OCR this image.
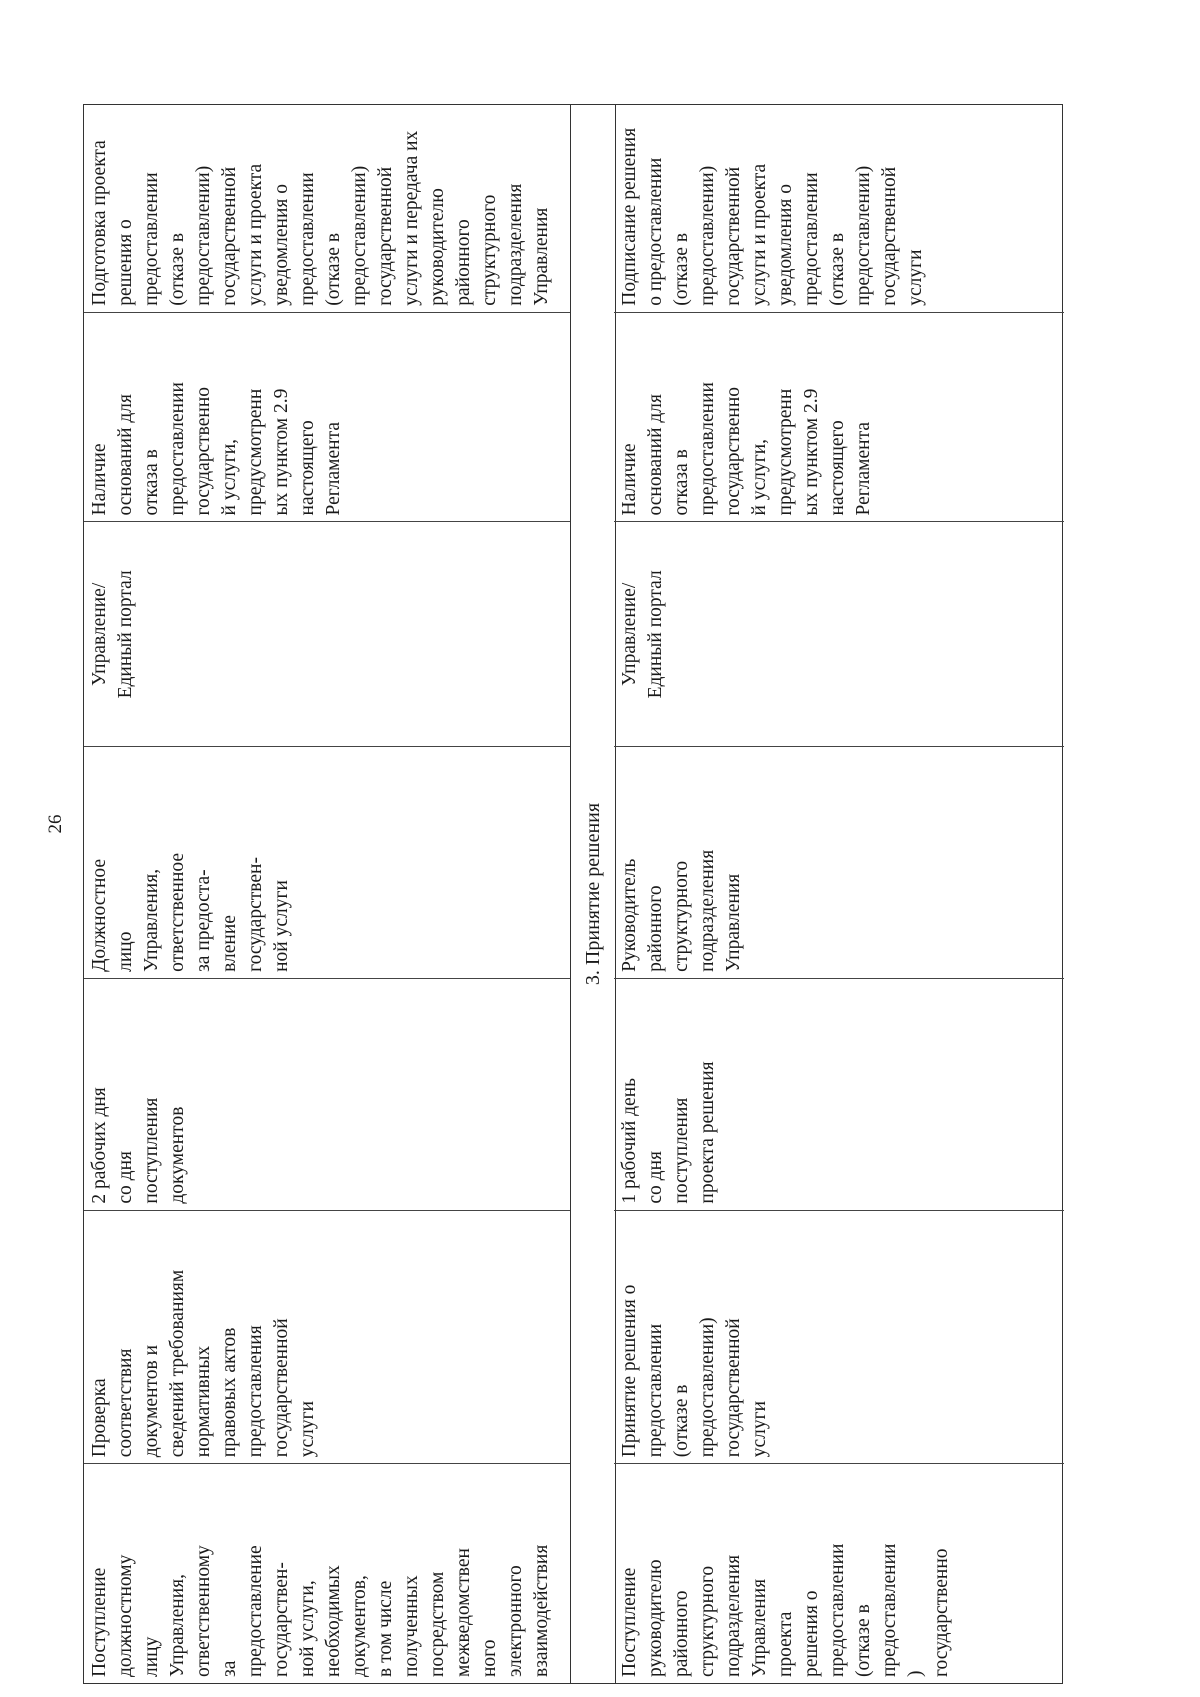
26
Поступление
должностному
лицу
Управления,
ответственному
за
предоставление
государствен-
ной услуги,
необходимых
документов,
в том числе
полученных
посредством
межведомствен
ного
электронного
взаимодействия
Проверка
соответствия
документов и
сведений требованиям
нормативных
правовых актов
предоставления
государственной
услуги
2 рабочих дня
со дня
поступления
документов
Должностное
лицо
Управления,
ответственное
за предоста-
вление
государствен-
ной услуги
Управление/
Единый портал
Наличие
оснований для
отказа в
предоставлении
государственно
й услуги,
предусмотренн
ых пунктом 2.9
настоящего
Регламента
Подготовка проекта
решения о
предоставлении
(отказе в
предоставлении)
государственной
услуги и проекта
уведомления о
предоставлении
(отказе в
предоставлении)
государственной
услуги и передача их
руководителю
районного
структурного
подразделения
Управления
3. Принятие решения
Поступление
руководителю
районного
структурного
подразделения
Управления
проекта
решения о
предоставлении
(отказе в
предоставлении
)
государственно
Принятие решения о
предоставлении
(отказе в
предоставлении)
государственной
услуги
1 рабочий день
со дня
поступления
проекта решения
Руководитель
районного
структурного
подразделения
Управления
Управление/
Единый портал
Наличие
оснований для
отказа в
предоставлении
государственно
й услуги,
предусмотренн
ых пунктом 2.9
настоящего
Регламента
Подписание решения
о предоставлении
(отказе в
предоставлении)
государственной
услуги и проекта
уведомления о
предоставлении
(отказе в
предоставлении)
государственной
услуги
